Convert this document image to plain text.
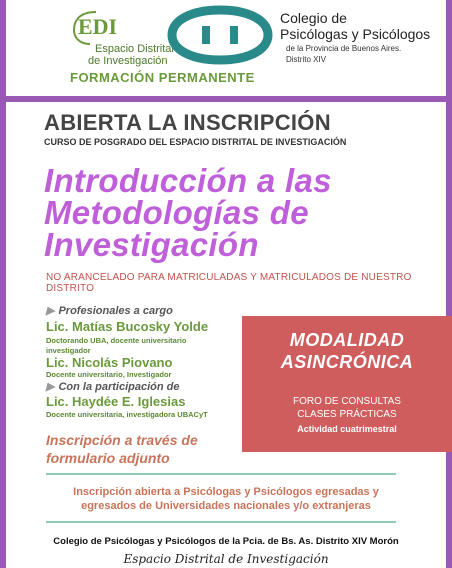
EDI
Espacio Distrital
de Investigación
FORMACIÓN PERMANENTE
Colegio de
Psicólogas y Psicólogos
de la Provincia de Buenos Aires.
Distrito XIV
ABIERTA LA INSCRIPCIÓN
CURSO DE POSGRADO DEL ESPACIO DISTRITAL DE INVESTIGACIÓN
Introducción a las
Metodologías de
Investigación
NO ARANCELADO PARA MATRICULADAS Y MATRICULADOS DE NUESTRO DISTRITO
▶ Profesionales a cargo
Lic. Matías Bucosky Yolde
Doctorando UBA, docente universitario investigador
Lic. Nicolás Piovano
Docente universitario, Investigador
▶ Con la participación de
Lic. Haydée E. Iglesias
Docente universitaria, investigadora UBACyT
Inscripción a través de
formulario adjunto
MODALIDAD
ASINCRÓNICA
FORO DE CONSULTAS
CLASES PRÁCTICAS
Actividad cuatrimestral
Inscripción abierta a Psicólogas y Psicólogos egresadas y
egresados de Universidades nacionales y/o extranjeras
Colegio de Psicólogas y Psicólogos de la Pcia. de Bs. As. Distrito XIV Morón
Espacio Distrital de Investigación
